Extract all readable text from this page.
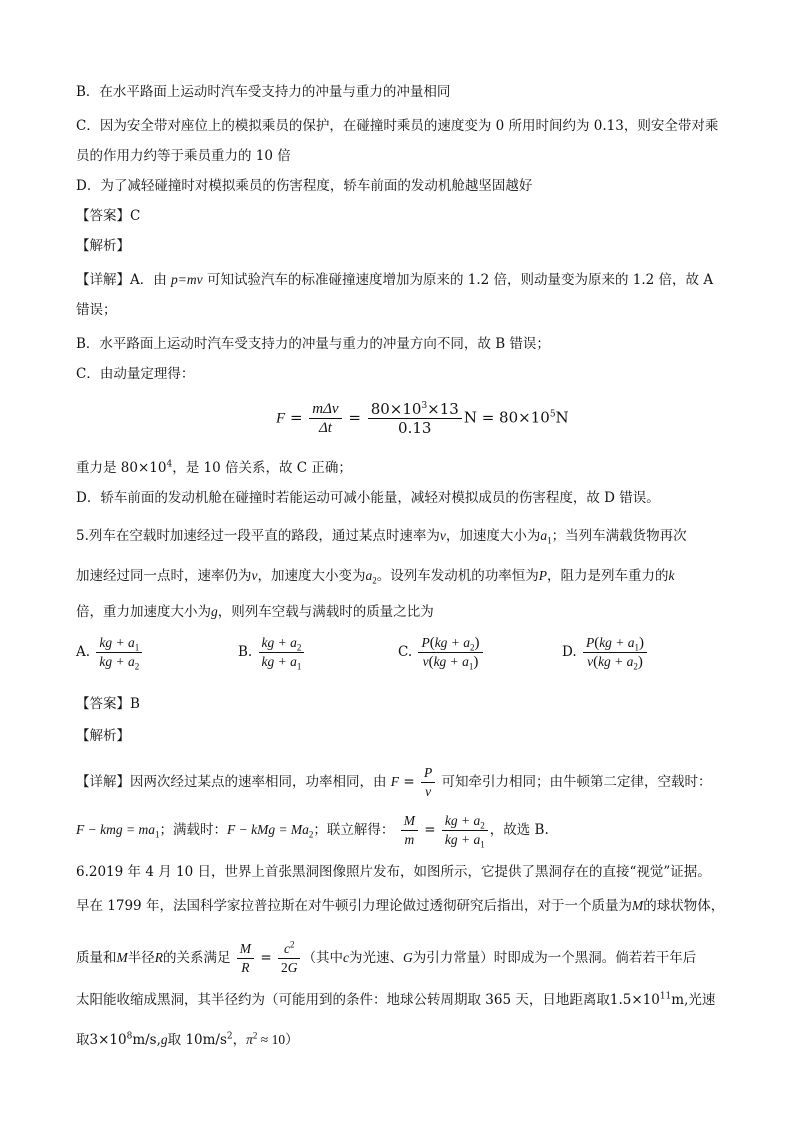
B．在水平路面上运动时汽车受支持力的冲量与重力的冲量相同
C．因为安全带对座位上的模拟乘员的保护，在碰撞时乘员的速度变为 0 所用时间约为 0.13，则安全带对乘
员的作用力约等于乘员重力的 10 倍
D．为了减轻碰撞时对模拟乘员的伤害程度，轿车前面的发动机舱越坚固越好
【答案】C
【解析】
【详解】A．由 p=mv 可知试验汽车的标准碰撞速度增加为原来的 1.2 倍，则动量变为原来的 1.2 倍，故 A
错误；
B．水平路面上运动时汽车受支持力的冲量与重力的冲量方向不同，故 B 错误；
C．由动量定理得：
$F = \frac{\text{mΔv}}{\Delta t} = \frac{80\times 10^3\times 13}{0.13}$ $N = 80\times 10^5N$
重力是 $80\times 10^4$，是 10 倍关系，故 C 正确；
D．轿车前面的发动机舱在碰撞时若能运动可减小能量，减轻对模拟成员的伤害程度，故 D 错误。
5.列车在空载时加速经过一段平直的路段，通过某点时速率为v，加速度大小为$a_1$；当列车满载货物再次
加速经过同一点时，速率仍为v，加速度大小变为$a_2$。设列车发动机的功率恒为P，阻力是列车重力的k
倍，重力加速度大小为g，则列车空载与满载时的质量之比为
A. $\frac{kg + a_1}{kg + a_2}$	B. $\frac{kg + a_2}{kg + a_1}$	C. $\frac{P(kg + a_2)}{v(kg + a_1)}$	D. $\frac{P(kg + a_1)}{v(kg + a_2)}$
【答案】B
【解析】
【详解】因两次经过某点的速率相同，功率相同，由 $F = \frac{P}{v}$ 可知牵引力相同；由牛顿第二定律，空载时：
F − kmg = $ma_1$；满载时：F − kMg = $Ma_2$；联立解得： $\frac{M}{m} = \frac{kg + a_2}{kg + a_1}$ ，故选 B.
6.2019 年 4 月 10 日，世界上首张黑洞图像照片发布，如图所示，它提供了黑洞存在的直接“视觉”证据。
早在 1799 年，法国科学家拉普拉斯在对牛顿引力理论做过透彻研究后指出，对于一个质量为M的球状物体，
质量和M半径R的关系满足 $\frac{M}{R} = \frac{c^2}{2G}$ （其中c为光速、G为引力常量）时即成为一个黑洞。倘若若干年后
太阳能收缩成黑洞，其半径约为（可能用到的条件：地球公转周期取 365 天，日地距离取$1.5\times 10^{11}m$,光速
取$3\times 10^8m/s,g$取 $10m/s^2$，$\pi^2 \approx 10$）
